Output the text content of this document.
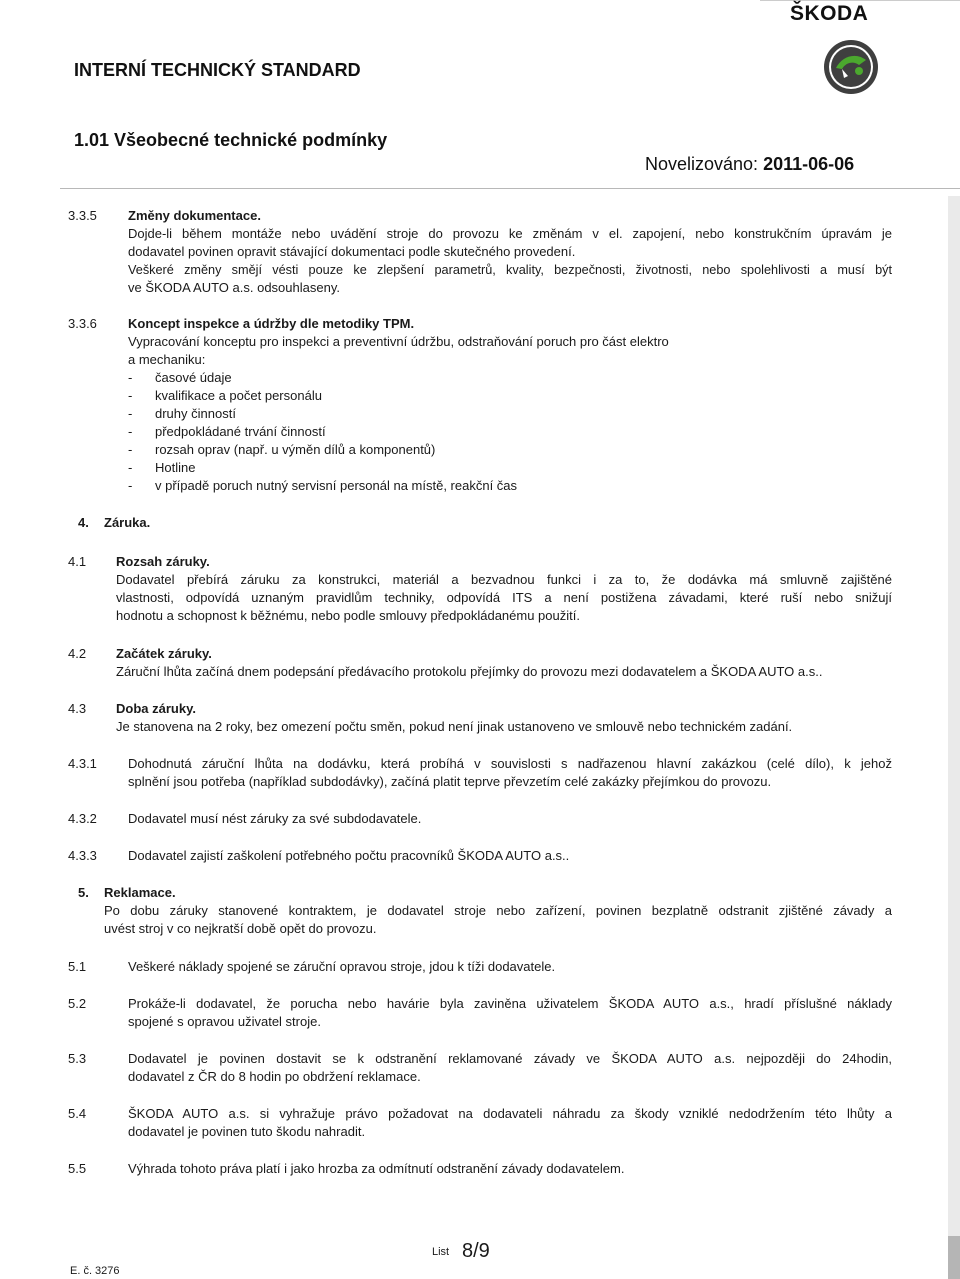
ŠKODA
INTERNÍ TECHNICKÝ STANDARD
1.01 Všeobecné technické podmínky
Novelizováno: 2011-06-06
3.3.5 Změny dokumentace.
Dojde-li během montáže nebo uvádění stroje do provozu ke změnám v el. zapojení, nebo konstrukčním úpravám je
dodavatel povinen opravit stávající dokumentaci podle skutečného provedení.
Veškeré změny smějí vésti pouze ke zlepšení parametrů, kvality, bezpečnosti, životnosti, nebo spolehlivosti a musí být
ve ŠKODA AUTO a.s. odsouhlaseny.
3.3.6 Koncept inspekce a údržby dle metodiky TPM.
Vypracování konceptu pro inspekci a preventivní údržbu, odstraňování poruch pro část elektro
a mechaniku:
- časové údaje
- kvalifikace a počet personálu
- druhy činností
- předpokládané trvání činností
- rozsah oprav (např. u výměn dílů a komponentů)
- Hotline
- v případě poruch nutný servisní personál na místě, reakční čas
4. Záruka.
4.1 Rozsah záruky.
Dodavatel přebírá záruku za konstrukci, materiál a bezvadnou funkci i za to, že dodávka má smluvně zajištěné
vlastnosti, odpovídá uznaným pravidlům techniky, odpovídá ITS a není postižena závadami, které ruší nebo snižují
hodnotu a schopnost k běžnému, nebo podle smlouvy předpokládanému použití.
4.2 Začátek záruky.
Záruční lhůta začíná dnem podepsání předávacího protokolu přejímky do provozu mezi dodavatelem a ŠKODA AUTO a.s..
4.3 Doba záruky.
Je stanovena na 2 roky, bez omezení počtu směn, pokud není jinak ustanoveno ve smlouvě nebo technickém zadání.
4.3.1 Dohodnutá záruční lhůta na dodávku, která probíhá v souvislosti s nadřazenou hlavní zakázkou (celé dílo), k jehož
splnění jsou potřeba (například subdodávky), začíná platit teprve převzetím celé zakázky přejímkou do provozu.
4.3.2 Dodavatel musí nést záruky za své subdodavatele.
4.3.3 Dodavatel zajistí zaškolení potřebného počtu pracovníků ŠKODA AUTO a.s..
5. Reklamace.
Po dobu záruky stanovené kontraktem, je dodavatel stroje nebo zařízení, povinen bezplatně odstranit zjištěné závady a
uvést stroj v co nejkratší době opět do provozu.
5.1	Veškeré náklady spojené se záruční opravou stroje, jdou k tíži dodavatele.
5.2	Prokáže-li dodavatel, že porucha nebo havárie byla zaviněna uživatelem ŠKODA AUTO a.s., hradí příslušné náklady
spojené s opravou uživatel stroje.
5.3	Dodavatel je povinen dostavit se k odstranění reklamované závady ve ŠKODA AUTO a.s. nejpozději do 24hodin,
dodavatel z ČR do 8 hodin po obdržení reklamace.
5.4	ŠKODA AUTO a.s. si vyhražuje právo požadovat na dodavateli náhradu za škody vzniklé nedodržením této lhůty a
dodavatel je povinen tuto škodu nahradit.
5.5	Výhrada tohoto práva platí i jako hrozba za odmítnutí odstranění závady dodavatelem.
E. č. 3276
List 8/9
